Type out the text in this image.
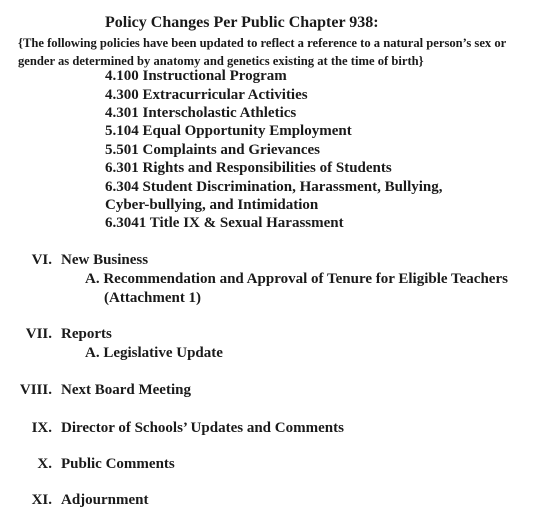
Policy Changes Per Public Chapter 938:
{The following policies have been updated to reflect a reference to a natural person’s sex or
gender as determined by anatomy and genetics existing at the time of birth}
4.100 Instructional Program
4.300 Extracurricular Activities
4.301 Interscholastic Athletics
5.104 Equal Opportunity Employment
5.501 Complaints and Grievances
6.301 Rights and Responsibilities of Students
6.304 Student Discrimination, Harassment, Bullying,
Cyber-bullying, and Intimidation
6.3041 Title IX & Sexual Harassment
VI. New Business
A. Recommendation and Approval of Tenure for Eligible Teachers
(Attachment 1)
VII. Reports
A. Legislative Update
VIII. Next Board Meeting
IX. Director of Schools’ Updates and Comments
X. Public Comments
XI. Adjournment
